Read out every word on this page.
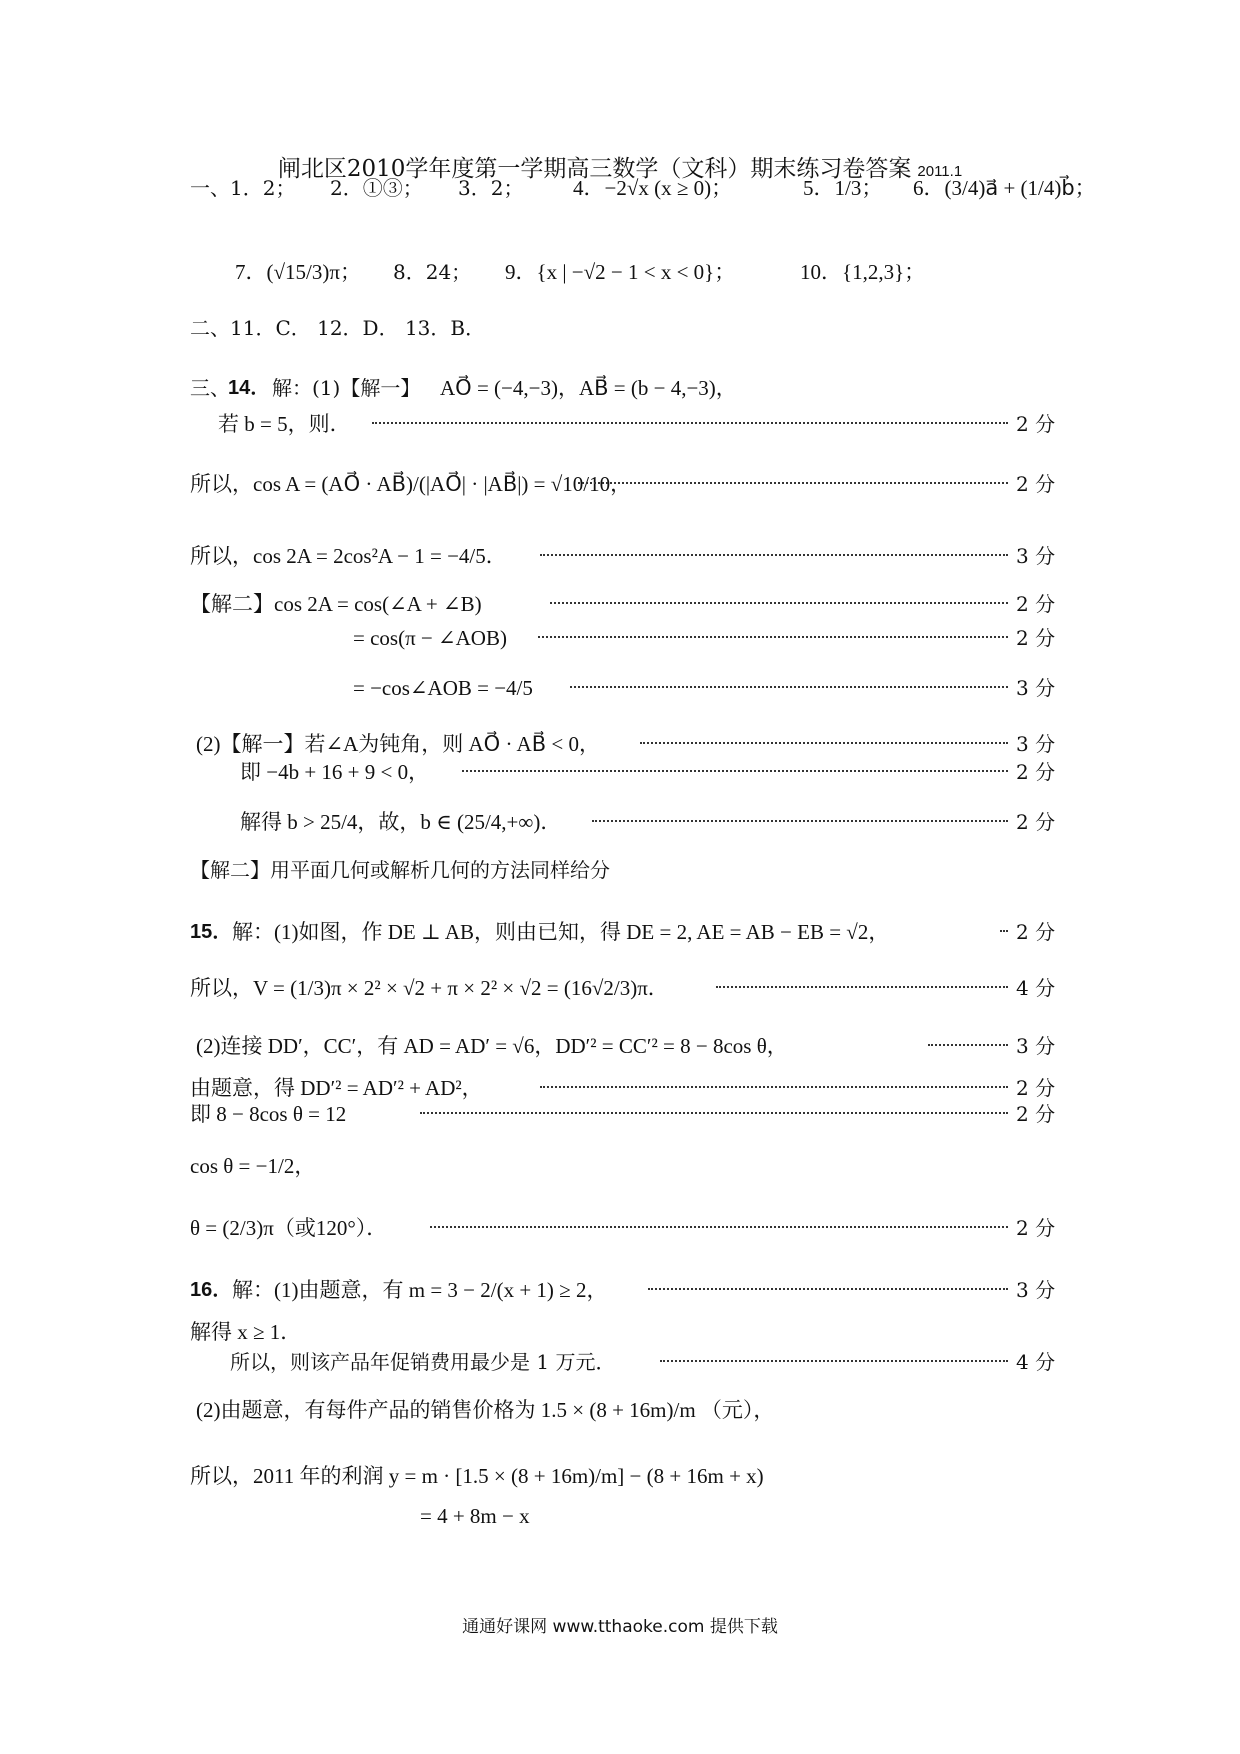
闸北区2010学年度第一学期高三数学（文科）期末练习卷答案 2011.1
一、1．2； 2．①③； 3．2； 4．−2√x (x ≥ 0)；	5．1/3； 6．(3/4)a⃗ + (1/4)b⃗；
7．(√15/3)π； 8．24； 9．{x | −√2 − 1 < x < 0}；	10．{1,2,3}；
二、11．C． 12．D． 13．B．
三、
14． 解：(1)【解一】 AO⃗ = (−4,−3)，AB⃗ = (b − 4,−3)，
若 b = 5，则．	2 分
所以，cos A = (AO⃗ · AB⃗)/(|AO⃗| · |AB⃗|) = √10/10，	2 分
所以，cos 2A = 2cos²A − 1 = −4/5．	3 分
【解二】cos 2A = cos(∠A + ∠B)	2 分
= cos(π − ∠AOB)	2 分
= −cos∠AOB = −4/5	3 分
(2)【解一】若∠A为钝角，则 AO⃗ · AB⃗ < 0，	3 分
即 −4b + 16 + 9 < 0，	2 分
解得 b > 25/4，故，b ∈ (25/4,+∞)．	2 分
【解二】用平面几何或解析几何的方法同样给分
15． 解：(1)如图，作 DE ⊥ AB，则由已知，得 DE = 2, AE = AB − EB = √2，	2 分
所以，V = (1/3)π × 2² × √2 + π × 2² × √2 = (16√2/3)π．	4 分
(2)连接 DD′，CC′，有 AD = AD′ = √6，DD′² = CC′² = 8 − 8cos θ，	3 分
由题意，得 DD′² = AD′² + AD²，	2 分
即 8 − 8cos θ = 12	2 分
cos θ = −1/2，
θ = (2/3)π（或120°）．	2 分
16． 解：(1)由题意，有 m = 3 − 2/(x + 1) ≥ 2，	3 分
解得 x ≥ 1．
所以，则该产品年促销费用最少是 1 万元．	4 分
(2)由题意，有每件产品的销售价格为 1.5 × (8 + 16m)/m （元），
所以，2011 年的利润 y = m · [1.5 × (8 + 16m)/m] − (8 + 16m + x)
= 4 + 8m − x
通通好课网 www.tthaoke.com 提供下载
